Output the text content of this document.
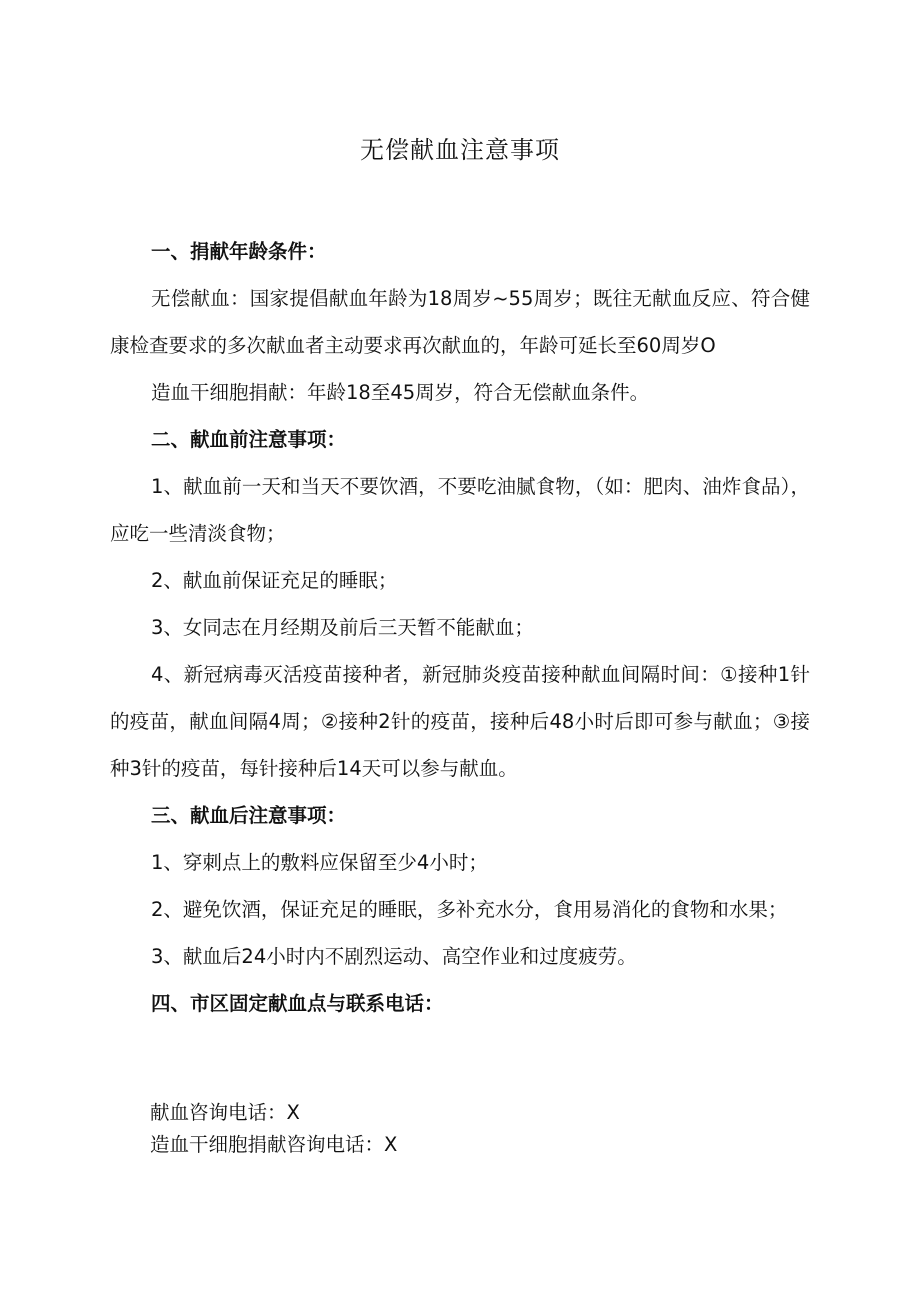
无偿献血注意事项

一、捐献年龄条件：

无偿献血：国家提倡献血年龄为18周岁~55周岁；既往无献血反应、符合健康检查要求的多次献血者主动要求再次献血的，年龄可延长至60周岁O

造血干细胞捐献：年龄18至45周岁，符合无偿献血条件。

二、献血前注意事项：

1、献血前一天和当天不要饮酒，不要吃油腻食物，（如：肥肉、油炸食品），应吃一些清淡食物；

2、献血前保证充足的睡眠；

3、女同志在月经期及前后三天暂不能献血；

4、新冠病毒灭活疫苗接种者，新冠肺炎疫苗接种献血间隔时间：①接种1针的疫苗，献血间隔4周；②接种2针的疫苗，接种后48小时后即可参与献血；③接种3针的疫苗，每针接种后14天可以参与献血。

三、献血后注意事项：

1、穿刺点上的敷料应保留至少4小时；

2、避免饮酒，保证充足的睡眠，多补充水分，食用易消化的食物和水果；

3、献血后24小时内不剧烈运动、高空作业和过度疲劳。

四、市区固定献血点与联系电话：

献血咨询电话：X
造血干细胞捐献咨询电话：X
